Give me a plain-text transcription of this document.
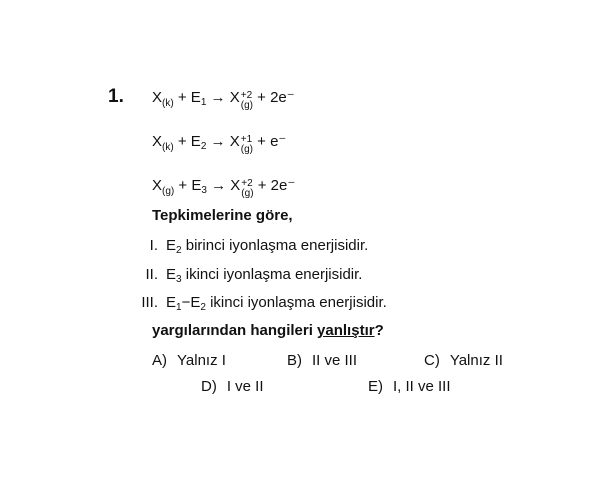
1. $X_{(k)} + E_1 \to X +2$
(g) + 2e⁻
$X_{(k)} + E_2 \to X +1$
(g) + e⁻
$X_{(g)} + E_3 \to X +2$
(g) + 2e⁻
Tepkimelerine göre,
I. $E_2$ birinci iyonlaşma enerjisidir.
II. $E_3$ ikinci iyonlaşma enerjisidir.
III. $E_1-E_2$ ikinci iyonlaşma enerjisidir.
yargılarından hangileri yanlıştır?
A) Yalnız I	B) II ve III	C) Yalnız II
D) I ve II	E) I, II ve III
